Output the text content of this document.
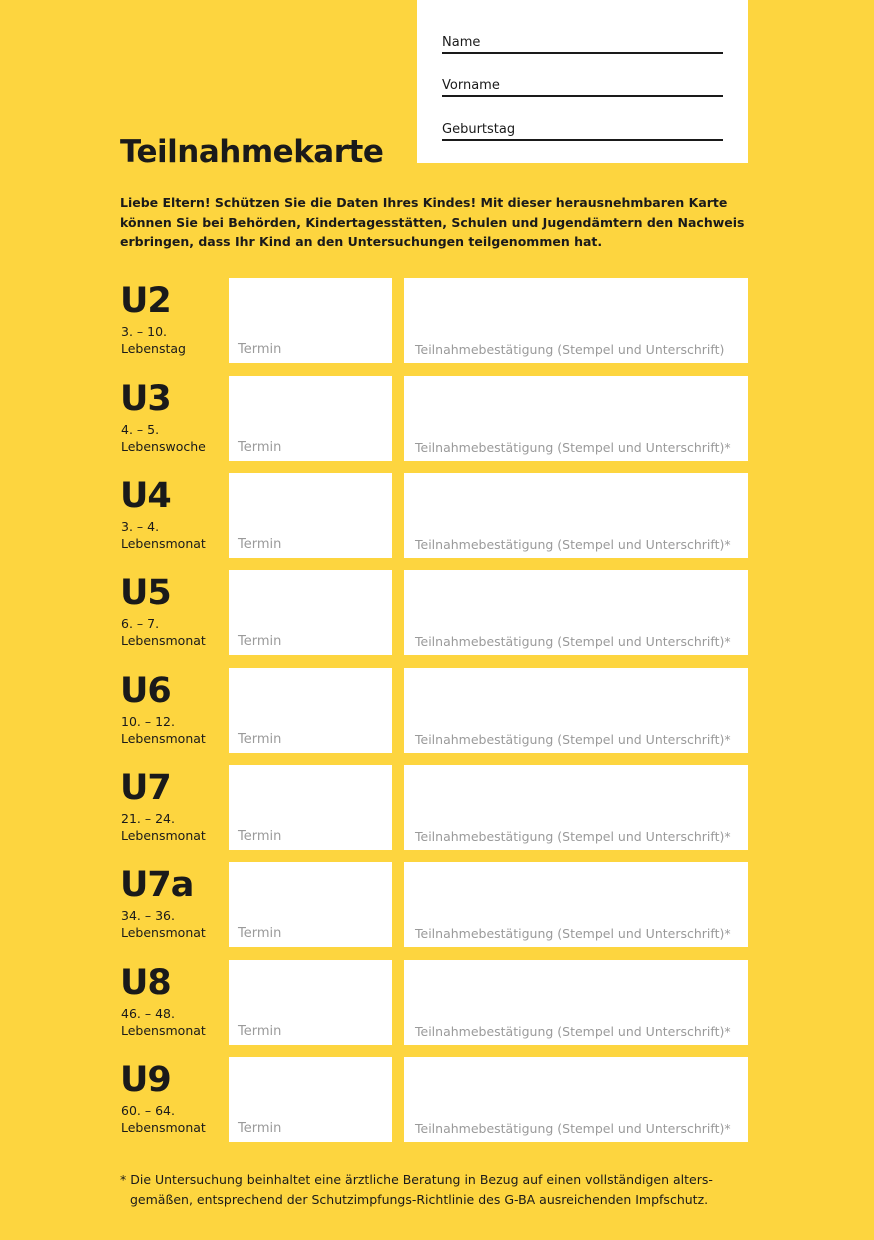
Name
Vorname
Geburtstag
Teilnahmekarte

Liebe Eltern! Schützen Sie die Daten Ihres Kindes! Mit dieser herausnehmbaren Karte können Sie bei Behörden, Kindertagesstätten, Schulen und Jugendämtern den Nachweis erbringen, dass Ihr Kind an den Untersuchungen teilgenommen hat.

U2
3. – 10.
Lebenstag	Termin	Teilnahmebestätigung (Stempel und Unterschrift)
U3
4. – 5.
Lebenswoche Termin	Teilnahmebestätigung (Stempel und Unterschrift)*
U4
3. – 4.
Lebensmonat Termin	Teilnahmebestätigung (Stempel und Unterschrift)*
U5
6. – 7.
Lebensmonat Termin	Teilnahmebestätigung (Stempel und Unterschrift)*
U6
10. – 12.
Lebensmonat Termin	Teilnahmebestätigung (Stempel und Unterschrift)*
U7
21. – 24.
Lebensmonat Termin	Teilnahmebestätigung (Stempel und Unterschrift)*
U7a
34. – 36.
Lebensmonat Termin	Teilnahmebestätigung (Stempel und Unterschrift)*
U8
46. – 48.
Lebensmonat Termin	Teilnahmebestätigung (Stempel und Unterschrift)*
U9
60. – 64.
Lebensmonat Termin	Teilnahmebestätigung (Stempel und Unterschrift)*

* Die Untersuchung beinhaltet eine ärztliche Beratung in Bezug auf einen vollständigen alters-
gemäßen, entsprechend der Schutzimpfungs-Richtlinie des G-BA ausreichenden Impfschutz.
